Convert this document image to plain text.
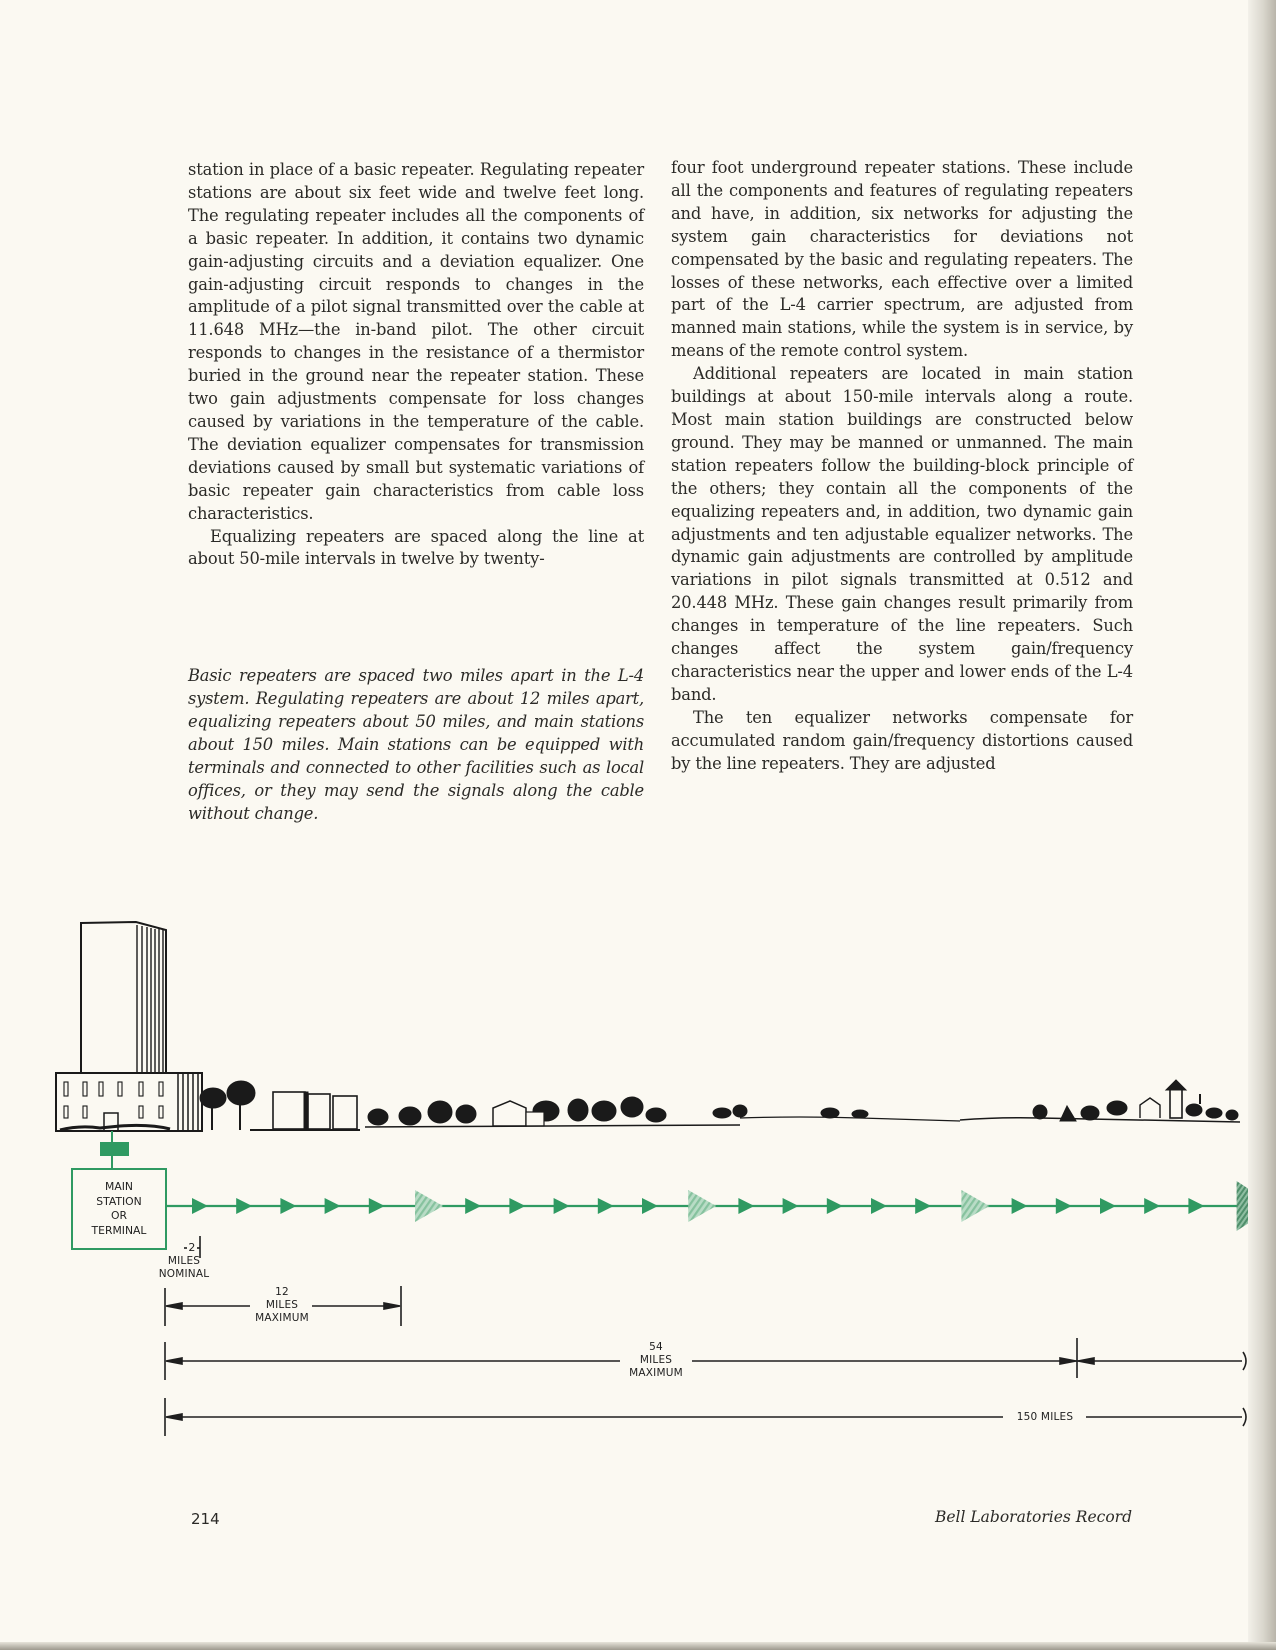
station in place of a basic repeater. Regulating repeater stations are about six feet wide and twelve feet long. The regulating repeater includes all the components of a basic repeater. In addition, it contains two dynamic gain-adjusting circuits and a deviation equalizer. One gain-adjusting circuit responds to changes in the amplitude of a pilot signal transmitted over the cable at 11.648 MHz—the in-band pilot. The other circuit responds to changes in the resistance of a thermistor buried in the ground near the repeater station. These two gain adjustments compensate for loss changes caused by variations in the temperature of the cable. The deviation equalizer compensates for transmission deviations caused by small but systematic variations of basic repeater gain characteristics from cable loss characteristics.

Equalizing repeaters are spaced along the line at about 50-mile intervals in twelve by twenty-

Basic repeaters are spaced two miles apart in the L-4 system. Regulating repeaters are about 12 miles apart, equalizing repeaters about 50 miles, and main stations about 150 miles. Main stations can be equipped with terminals and connected to other facilities such as local offices, or they may send the signals along the cable without change.

four foot underground repeater stations. These include all the components and features of regulating repeaters and have, in addition, six networks for adjusting the system gain characteristics for deviations not compensated by the basic and regulating repeaters. The losses of these networks, each effective over a limited part of the L-4 carrier spectrum, are adjusted from manned main stations, while the system is in service, by means of the remote control system.

Additional repeaters are located in main station buildings at about 150-mile intervals along a route. Most main station buildings are constructed below ground. They may be manned or unmanned. The main station repeaters follow the building-block principle of the others; they contain all the components of the equalizing repeaters and, in addition, two dynamic gain adjustments and ten adjustable equalizer networks. The dynamic gain adjustments are controlled by amplitude variations in pilot signals transmitted at 0.512 and 20.448 MHz. These gain changes result primarily from changes in temperature of the line repeaters. Such changes affect the system gain/frequency characteristics near the upper and lower ends of the L-4 band.

The ten equalizer networks compensate for accumulated random gain/frequency distortions caused by the line repeaters. They are adjusted

MAIN
STATION
OR
TERMINAL
2
MILES
NOMINAL
12
MILES
MAXIMUM
54
MILES
MAXIMUM
150 MILES
214	Bell Laboratories Record
